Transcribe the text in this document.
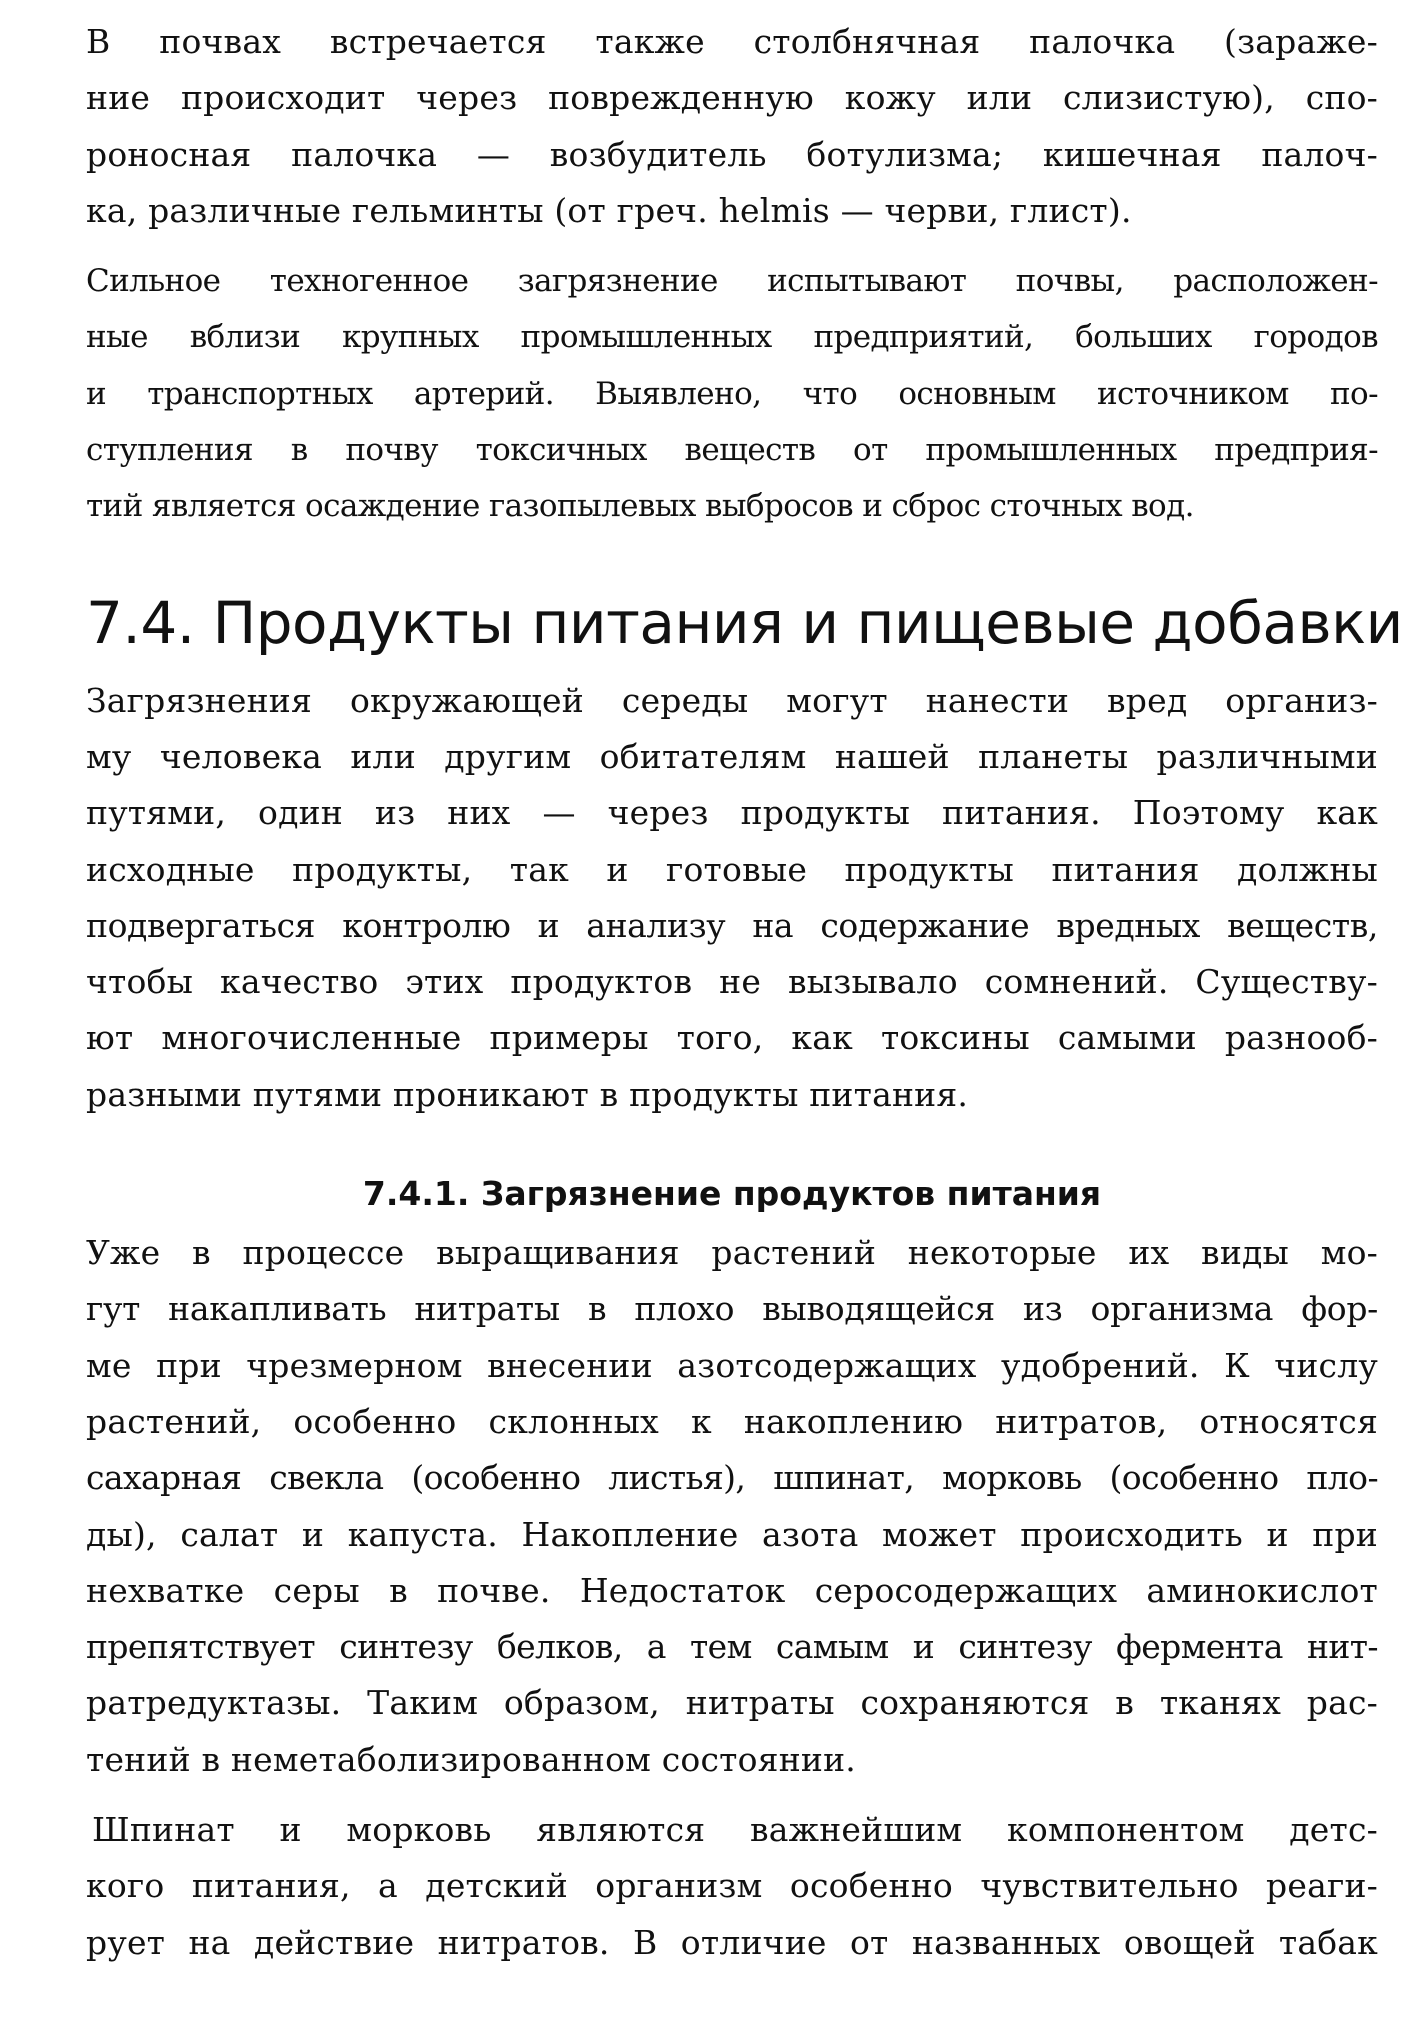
В почвах встречается также столбнячная палочка (зараже-
ние происходит через поврежденную кожу или слизистую), спо-
роносная палочка — возбудитель ботулизма; кишечная палоч-
ка, различные гельминты (от греч. helmis — черви, глист).

Сильное техногенное загрязнение испытывают почвы, расположен-
ные вблизи крупных промышленных предприятий, больших городов
и транспортных артерий. Выявлено, что основным источником по-
ступления в почву токсичных веществ от промышленных предприя-
тий является осаждение газопылевых выбросов и сброс сточных вод.

7.4. Продукты питания и пищевые добавки

Загрязнения окружающей середы могут нанести вред организ-
му человека или другим обитателям нашей планеты различными
путями, один из них — через продукты питания. Поэтому как
исходные продукты, так и готовые продукты питания должны
подвергаться контролю и анализу на содержание вредных веществ,
чтобы качество этих продуктов не вызывало сомнений. Существу-
ют многочисленные примеры того, как токсины самыми разнооб-
разными путями проникают в продукты питания.

7.4.1. Загрязнение продуктов питания

Уже в процессе выращивания растений некоторые их виды мо-
гут накапливать нитраты в плохо выводящейся из организма фор-
ме при чрезмерном внесении азотсодержащих удобрений. К числу
растений, особенно склонных к накоплению нитратов, относятся
сахарная свекла (особенно листья), шпинат, морковь (особенно пло-
ды), салат и капуста. Накопление азота может происходить и при
нехватке серы в почве. Недостаток серосодержащих аминокислот
препятствует синтезу белков, а тем самым и синтезу фермента нит-
ратредуктазы. Таким образом, нитраты сохраняются в тканях рас-
тений в неметаболизированном состоянии.

Шпинат и морковь являются важнейшим компонентом детс-
кого питания, а детский организм особенно чувствительно реаги-
рует на действие нитратов. В отличие от названных овощей табак
